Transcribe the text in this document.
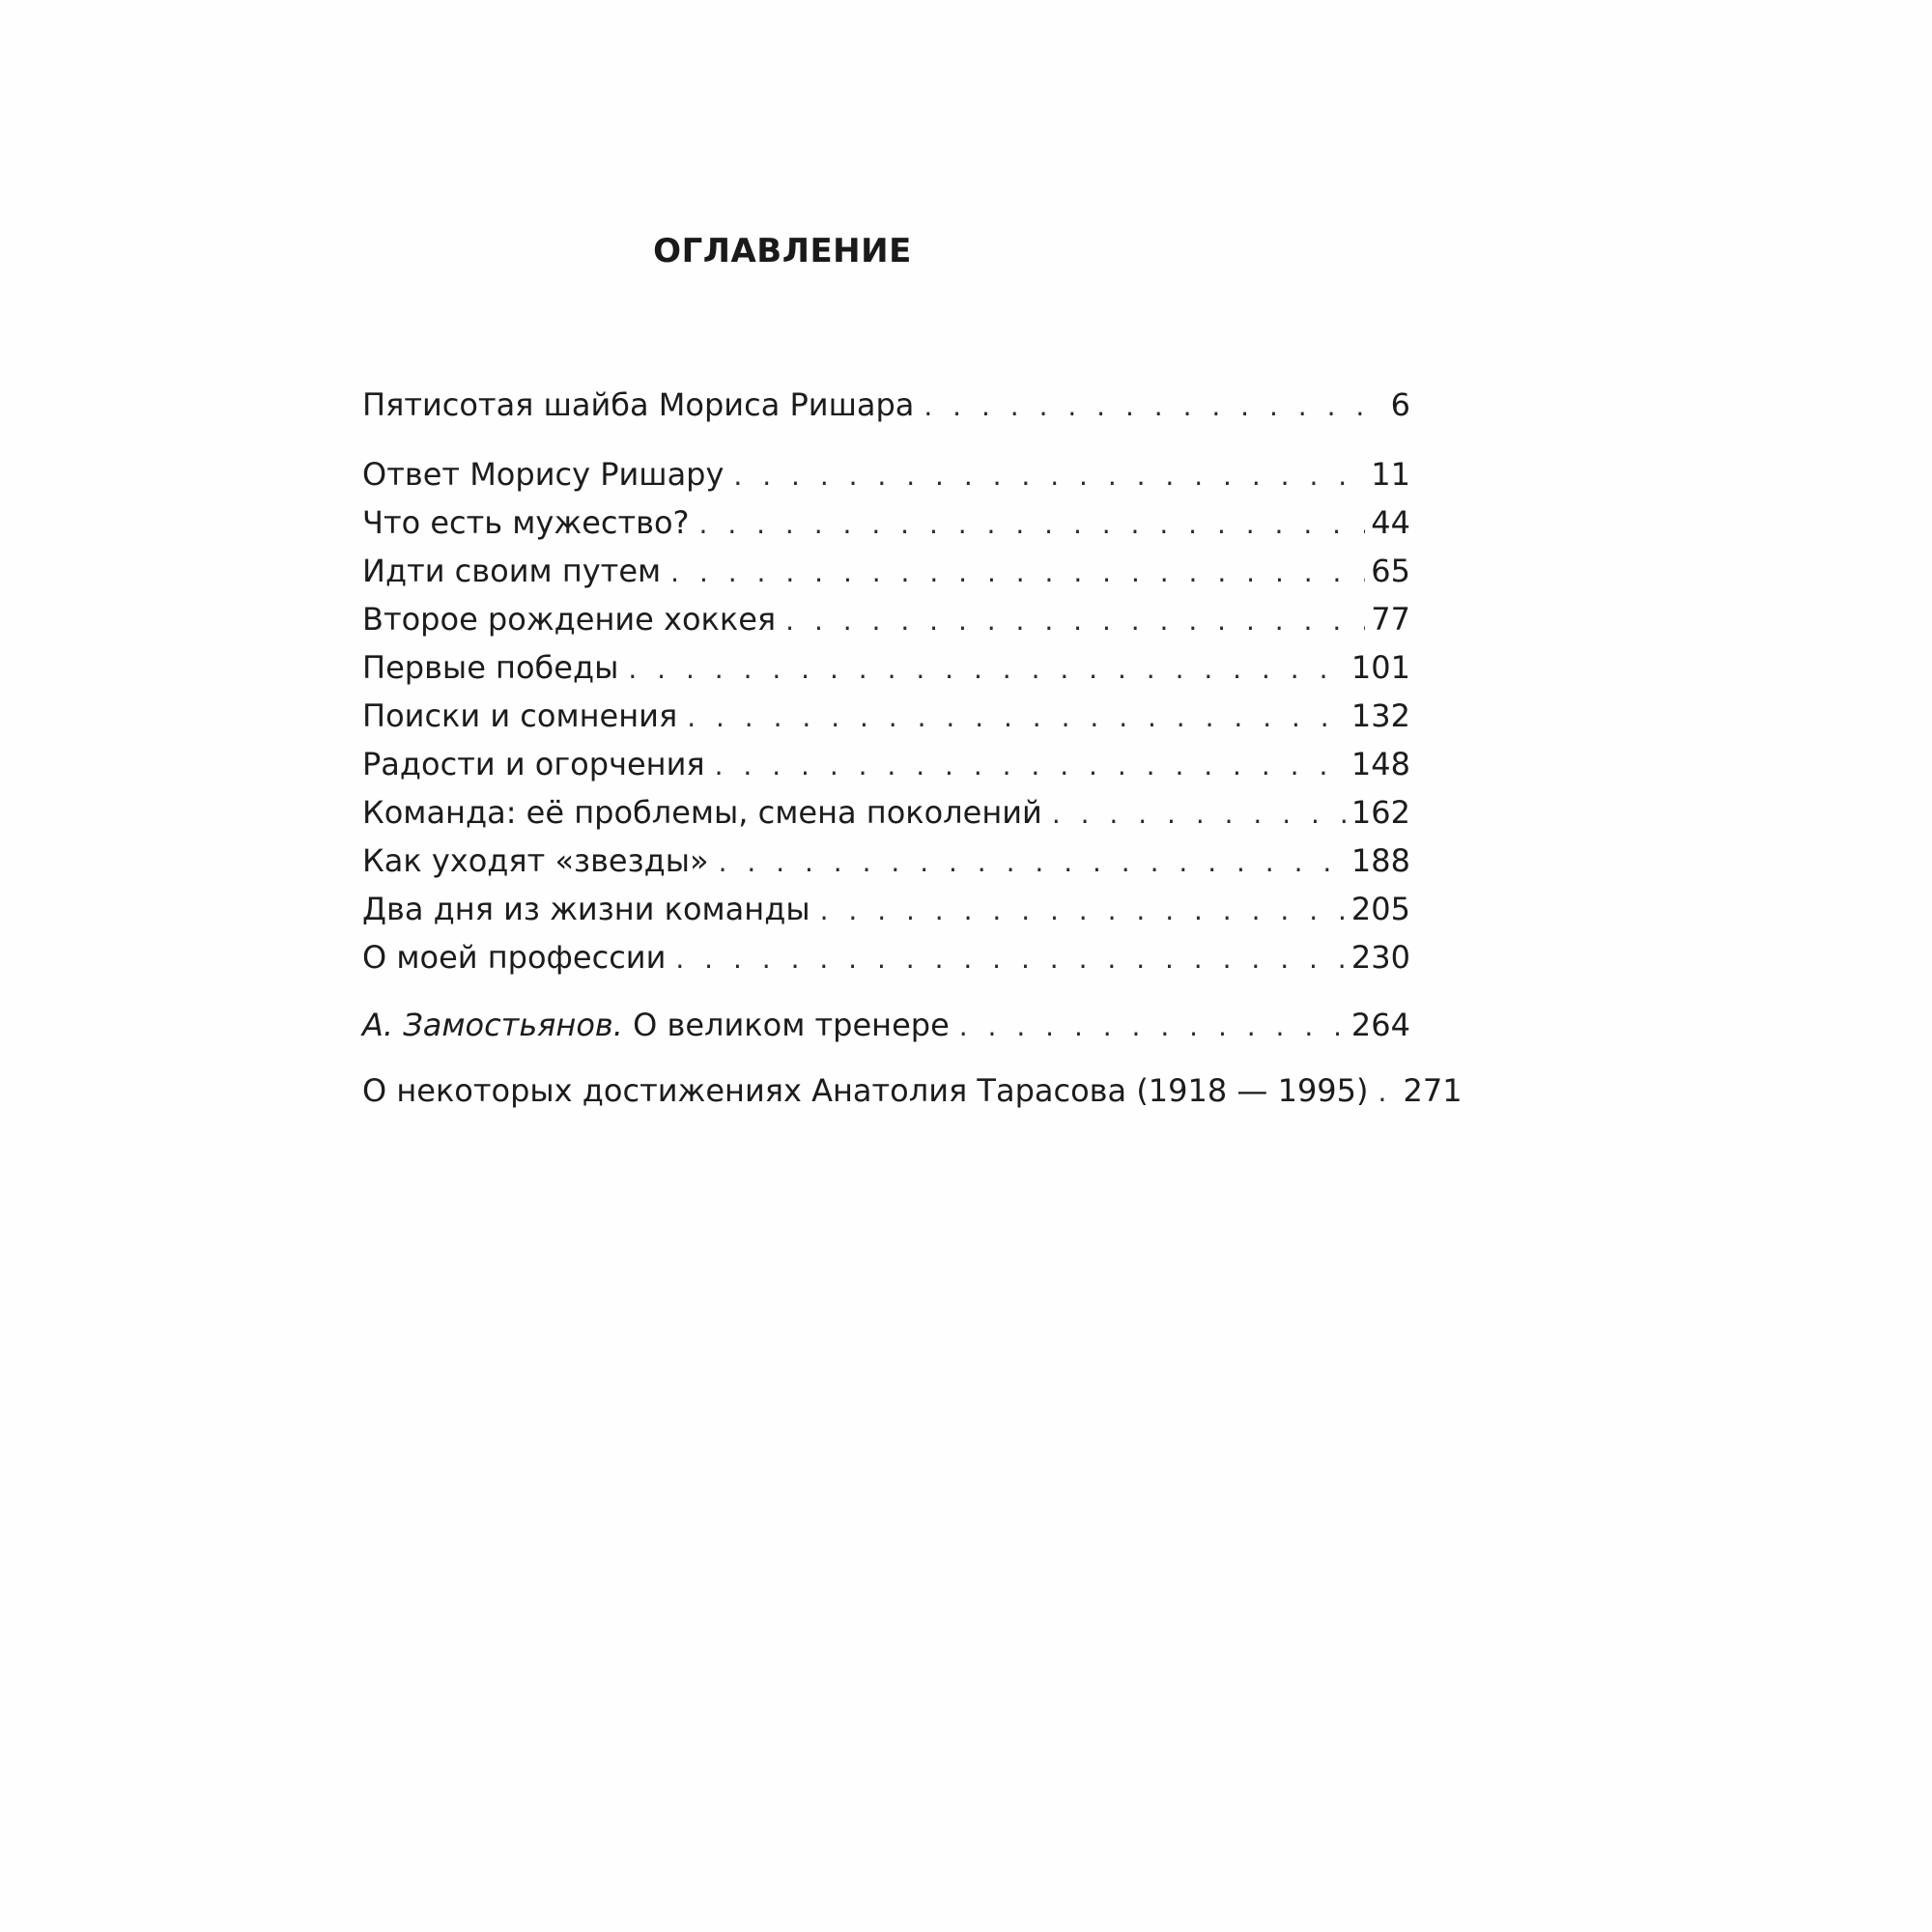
ОГЛАВЛЕНИЕ
Пятисотая шайба Мориса Ришара . . .	6
Ответ Морису Ришару . . .	11
Что есть мужество? . . .	44
Идти своим путем . . .	65
Второе рождение хоккея . . .	77
Первые победы . . .	101
Поиски и сомнения . . .	132
Радости и огорчения . . .	148
Команда: её проблемы, смена поколений . . .	162
Как уходят «звезды» . . .	188
Два дня из жизни команды . . .	205
О моей профессии . . .	230
А. Замостьянов. О великом тренере . . .	264
О некоторых достижениях Анатолия Тарасова (1918 — 1995) . . .	271
